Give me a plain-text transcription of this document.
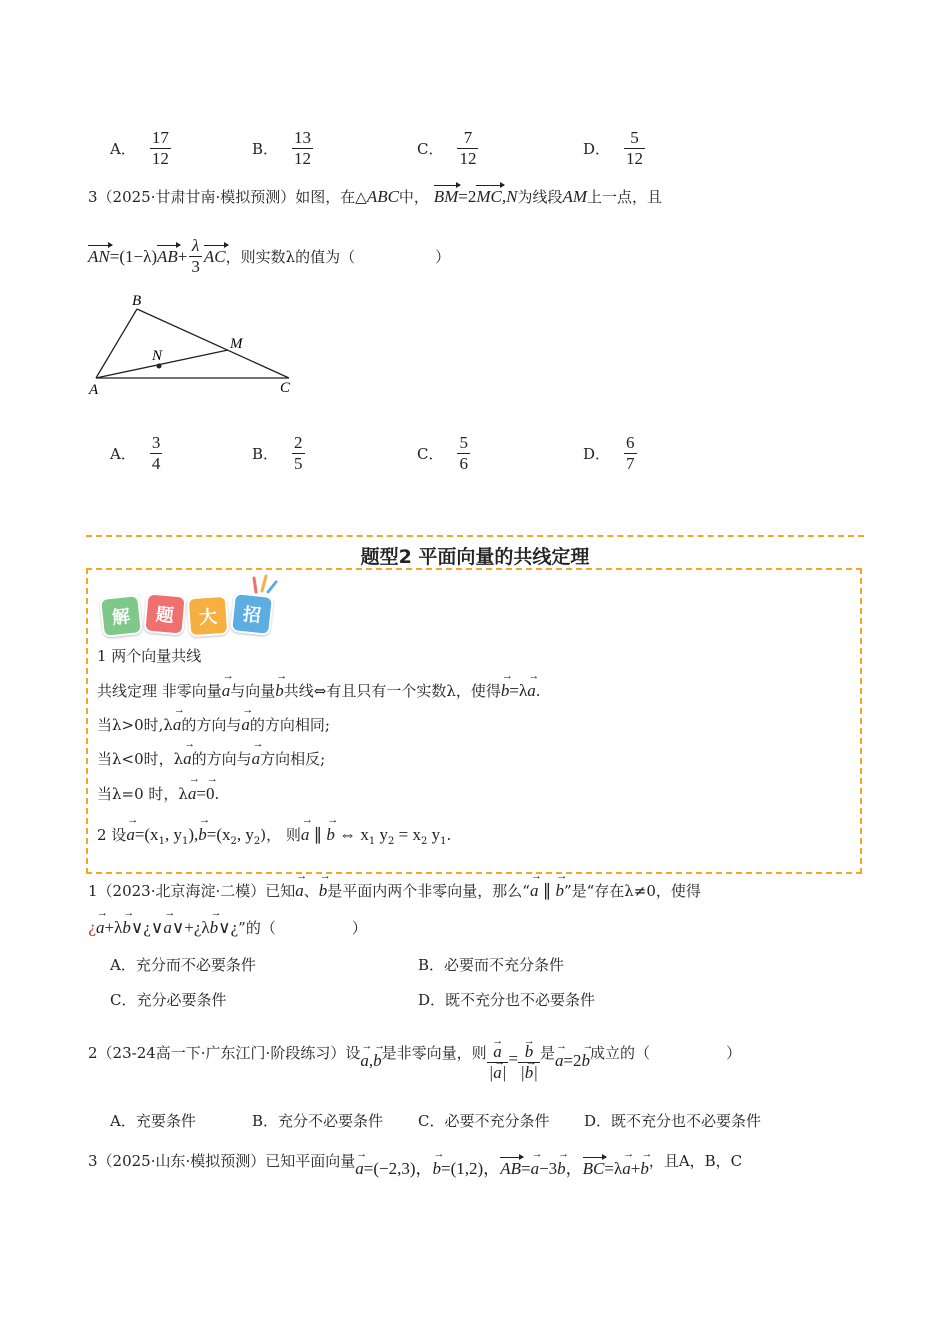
A． $\frac{17}{12}$	B． $\frac{13}{12}$	C． $\frac{7}{12}$	D． $\frac{5}{12}$
3（2025·甘肃甘南·模拟预测）如图，在△ABC中， BM=2MC,N为线段AM上一点，且
AN =(1−λ) AB + $\frac{\lambda}{3}$ AC ，则实数λ的值为（	）
B
M
N
A	C
A． $\frac{3}{4}$	B． $\frac{2}{5}$	C． $\frac{5}{6}$	D． $\frac{6}{7}$
题型2 平面向量的共线定理
解	题	大	招
1 两个向量共线
共线定理 非零向量→ a与向量→ b共线⇔有且只有一个实数λ，使得→ b=λ→ a.
当λ>0时,λ→ a的方向与→ a的方向相同;
当λ<0时，λ→ a的方向与→ a方向相反;
当λ=0 时，λ→ a=→ 0.
2 设→ $a=(x_1$, $y_1),\to b=(x_2$, $y_2$)， 则→ a ∥ → b ⇔ $x_1$ $y_2 = x_2$ $y_1$.
1（2023·北京海淀·二模）已知→ a、→ b是平面内两个非零向量，那么“→ a ∥ → b”是“存在λ≠0，使得
¿→ a+λ→ b∨¿∨→ a∨+¿λ→ b∨¿”的（	）
A．充分而不必要条件	B．必要而不充分条件
C．充分必要条件	D．既不充分也不必要条件
2（23-24高一下·广东江门·阶段练习）设 → a , → b 是非零向量，则 → $\frac{a}{|\to a|}$ = → $\frac{b}{|\to b|}$ 是 → a =2 → b 成立的（	）
A．充要条件	B．充分不必要条件 C．必要不充分条件 D．既不充分也不必要条件
3（2025·山东·模拟预测）已知平面向量→ a=(−2,3)，→ b=(1,2)，AB=→ a−3→ b，BC=λ→ a+→ b，且A，B，C
